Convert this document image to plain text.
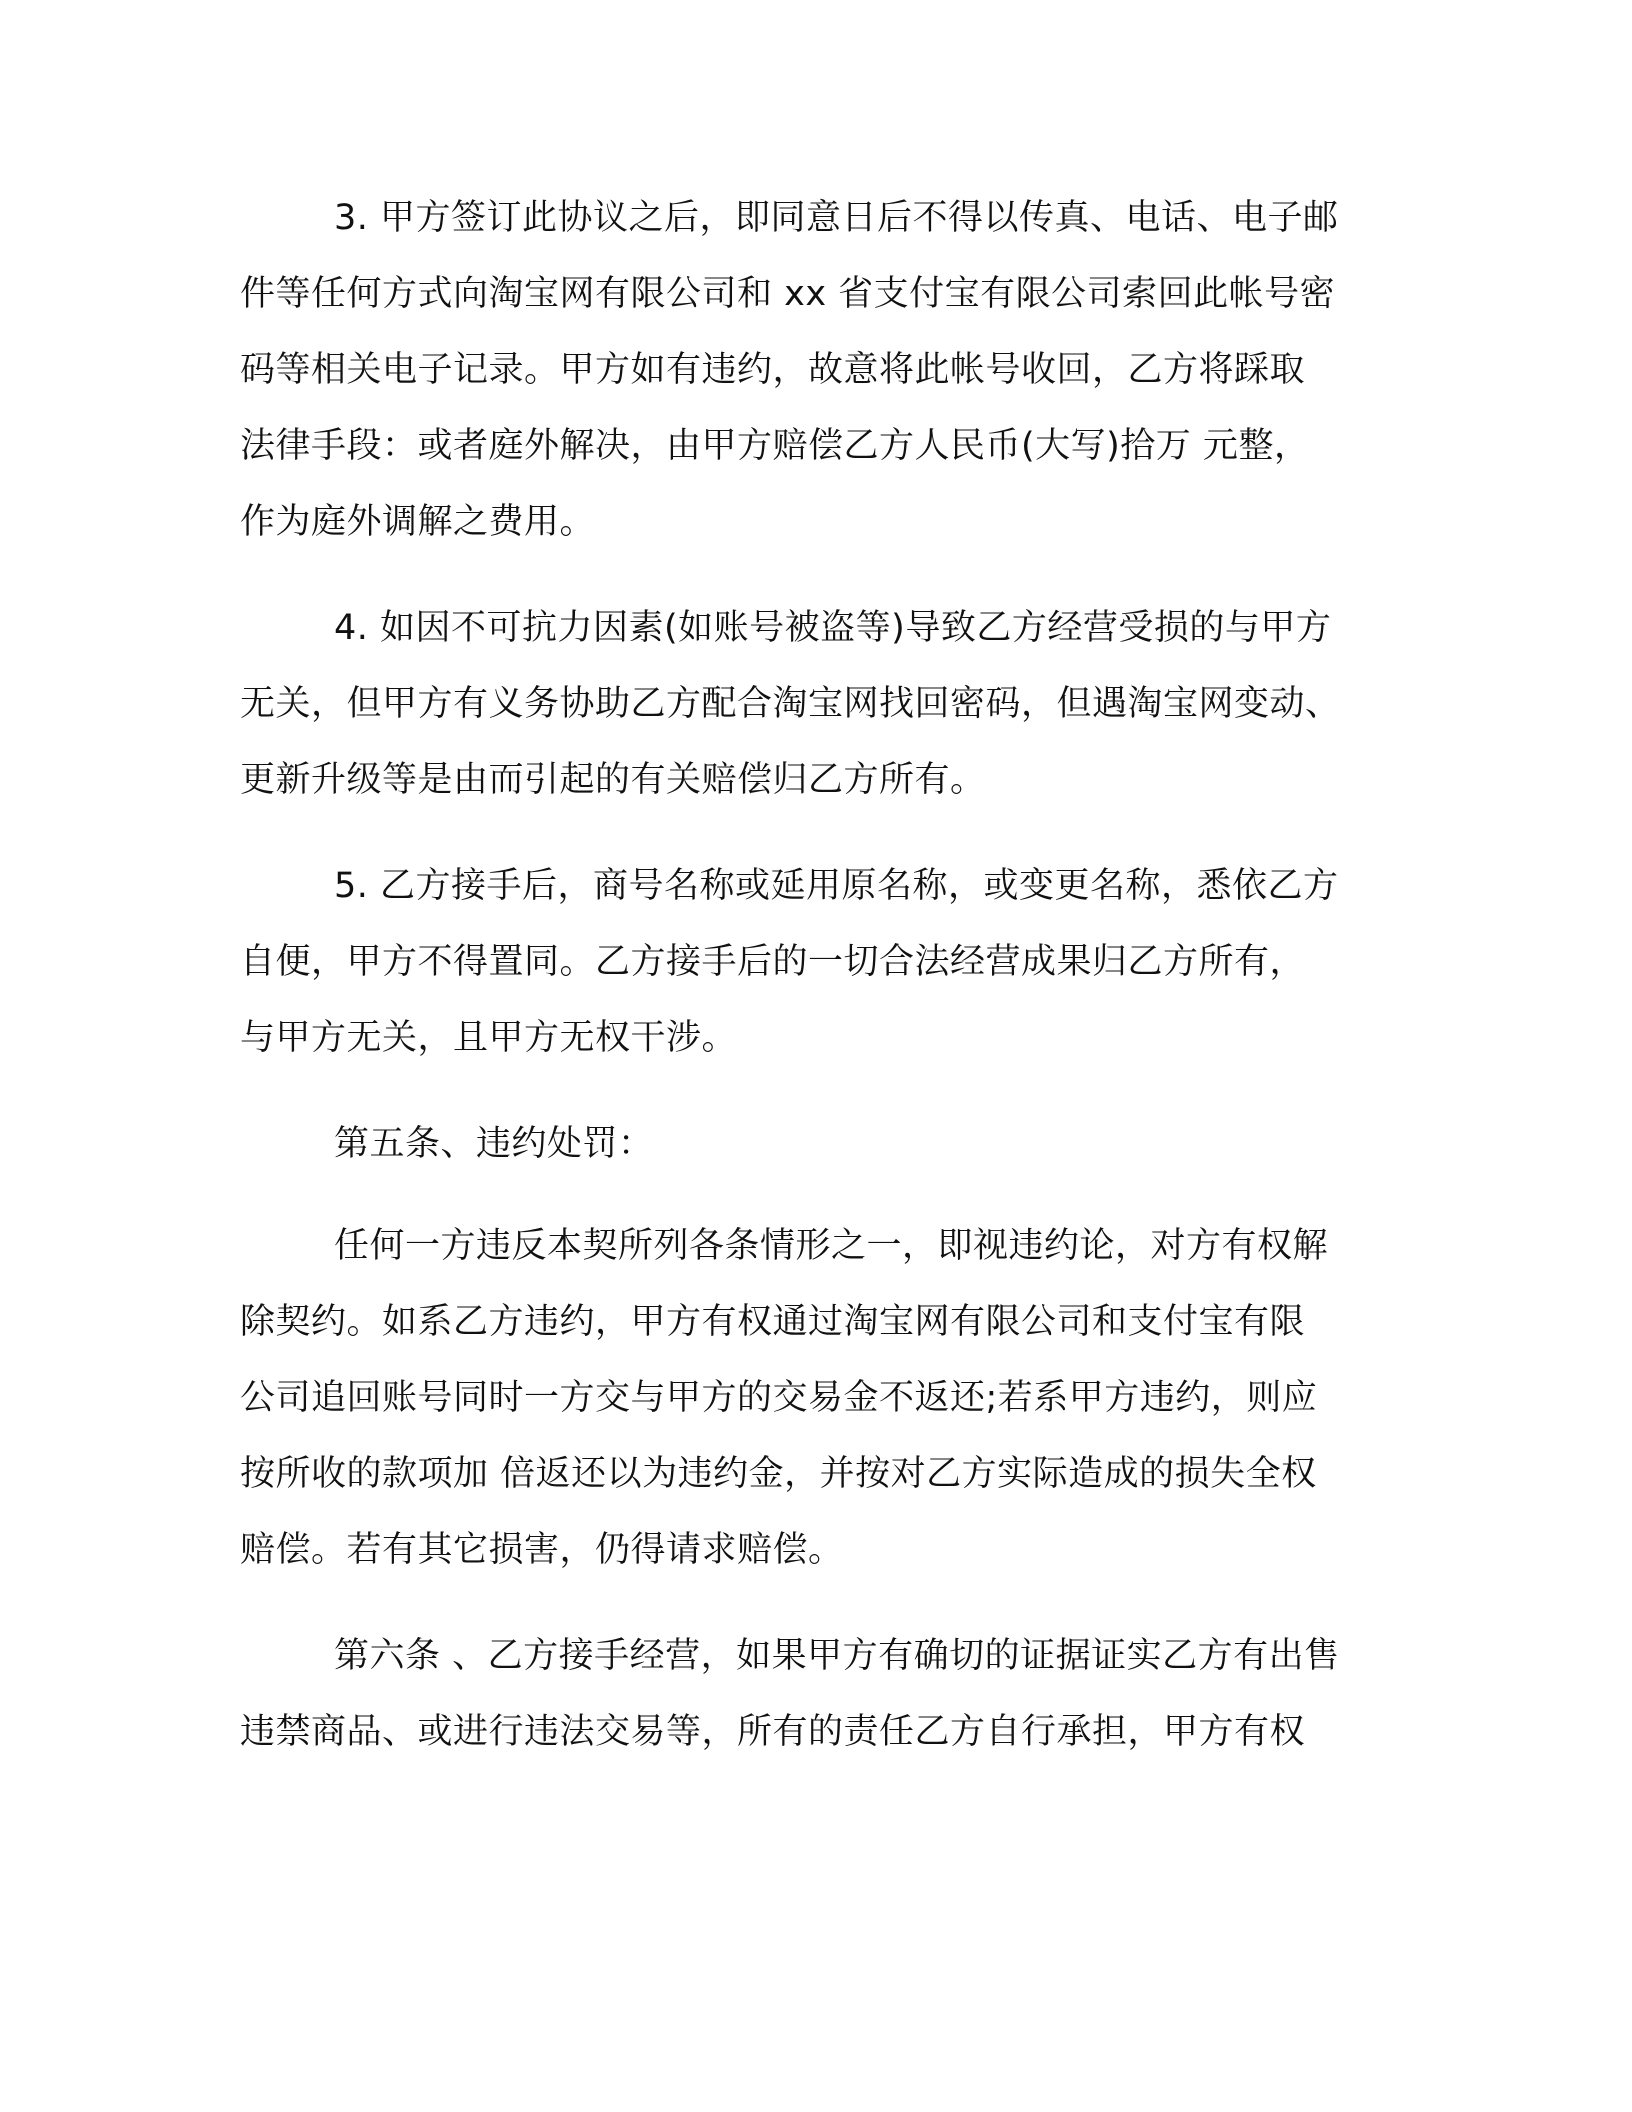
3. 甲方签订此协议之后，即同意日后不得以传真、电话、电子邮

件等任何方式向淘宝网有限公司和 xx 省支付宝有限公司索回此帐号密

码等相关电子记录。甲方如有违约，故意将此帐号收回，乙方将踩取

法律手段：或者庭外解决，由甲方赔偿乙方人民币(大写)拾万 元整，

作为庭外调解之费用。

4. 如因不可抗力因素(如账号被盗等)导致乙方经营受损的与甲方

无关，但甲方有义务协助乙方配合淘宝网找回密码，但遇淘宝网变动、

更新升级等是由而引起的有关赔偿归乙方所有。

5. 乙方接手后，商号名称或延用原名称，或变更名称，悉依乙方

自便，甲方不得置同。乙方接手后的一切合法经营成果归乙方所有，

与甲方无关，且甲方无权干涉。

第五条、违约处罚：

任何一方违反本契所列各条情形之一，即视违约论，对方有权解

除契约。如系乙方违约，甲方有权通过淘宝网有限公司和支付宝有限

公司追回账号同时一方交与甲方的交易金不返还;若系甲方违约，则应

按所收的款项加 倍返还以为违约金，并按对乙方实际造成的损失全权

赔偿。若有其它损害，仍得请求赔偿。

第六条 、乙方接手经营，如果甲方有确切的证据证实乙方有出售

违禁商品、或进行违法交易等，所有的责任乙方自行承担，甲方有权
